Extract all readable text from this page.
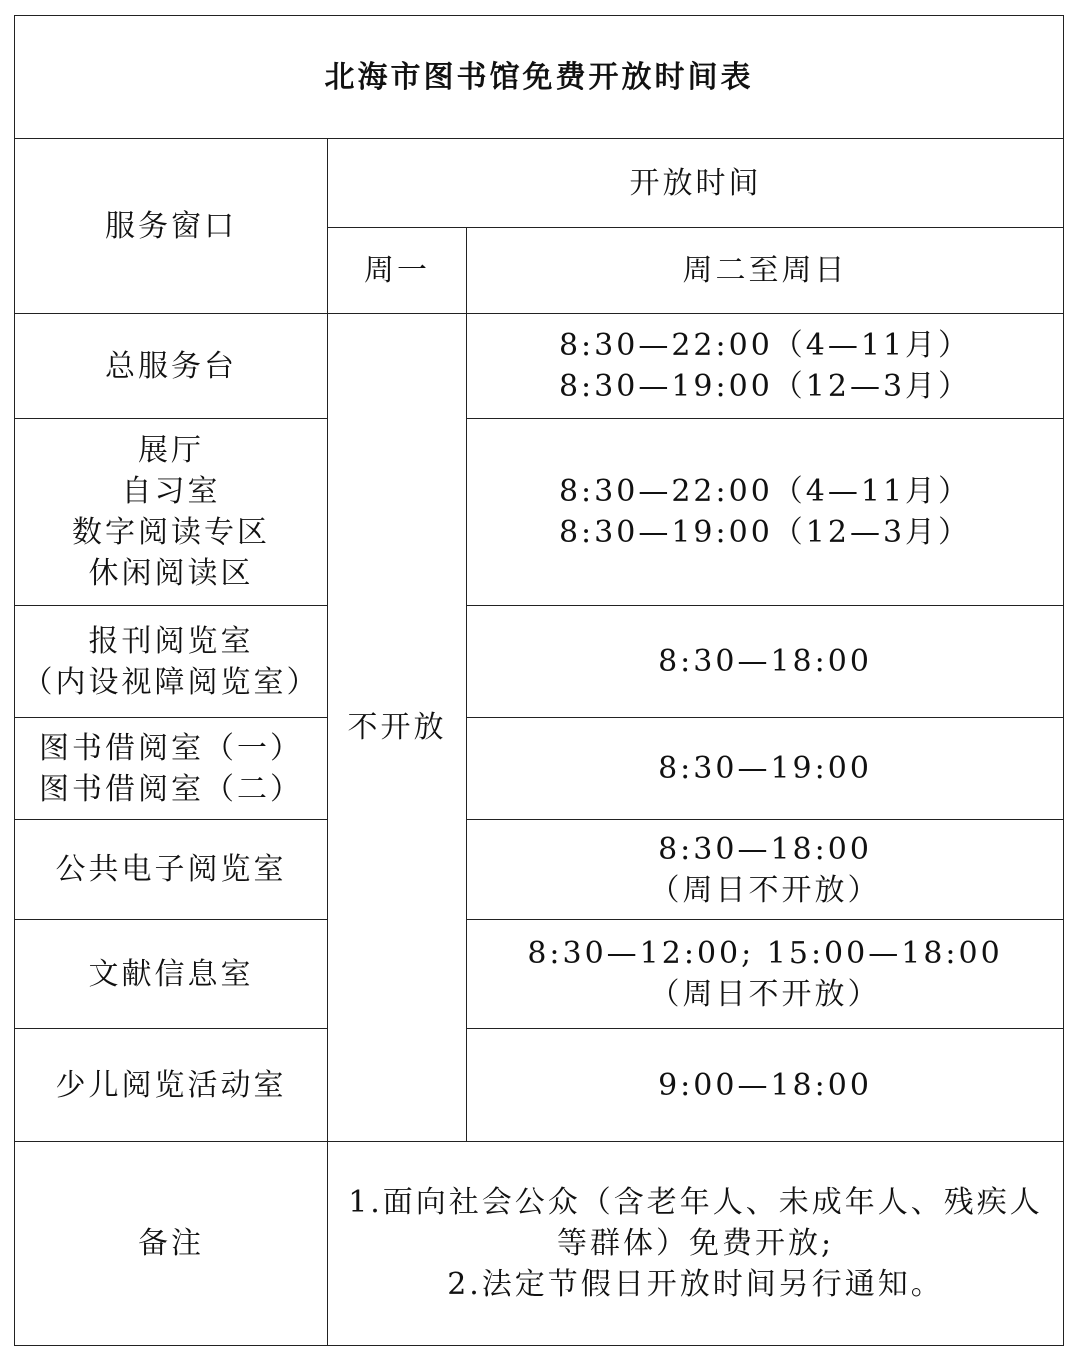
北海市图书馆免费开放时间表		
服务窗口	开放时间	
	周一	周二至周日

总服务台	不开放	8:30—22:00（4—11月）
8:30—19:00（12—3月）

展厅
自习室
数字阅读专区
休闲阅读区		8:30—22:00（4—11月）
8:30—19:00（12—3月）

报刊阅览室
（内设视障阅览室）		8:30—18:00

图书借阅室（一）
图书借阅室（二）		8:30—19:00

公共电子阅览室		8:30—18:00
（周日不开放）

文献信息室		8:30—12:00; 15:00—18:00
（周日不开放）

少儿阅览活动室		9:00—18:00

备注	1.面向社会公众（含老年人、未成年人、残疾人
等群体）免费开放;
2.法定节假日开放时间另行通知。	
